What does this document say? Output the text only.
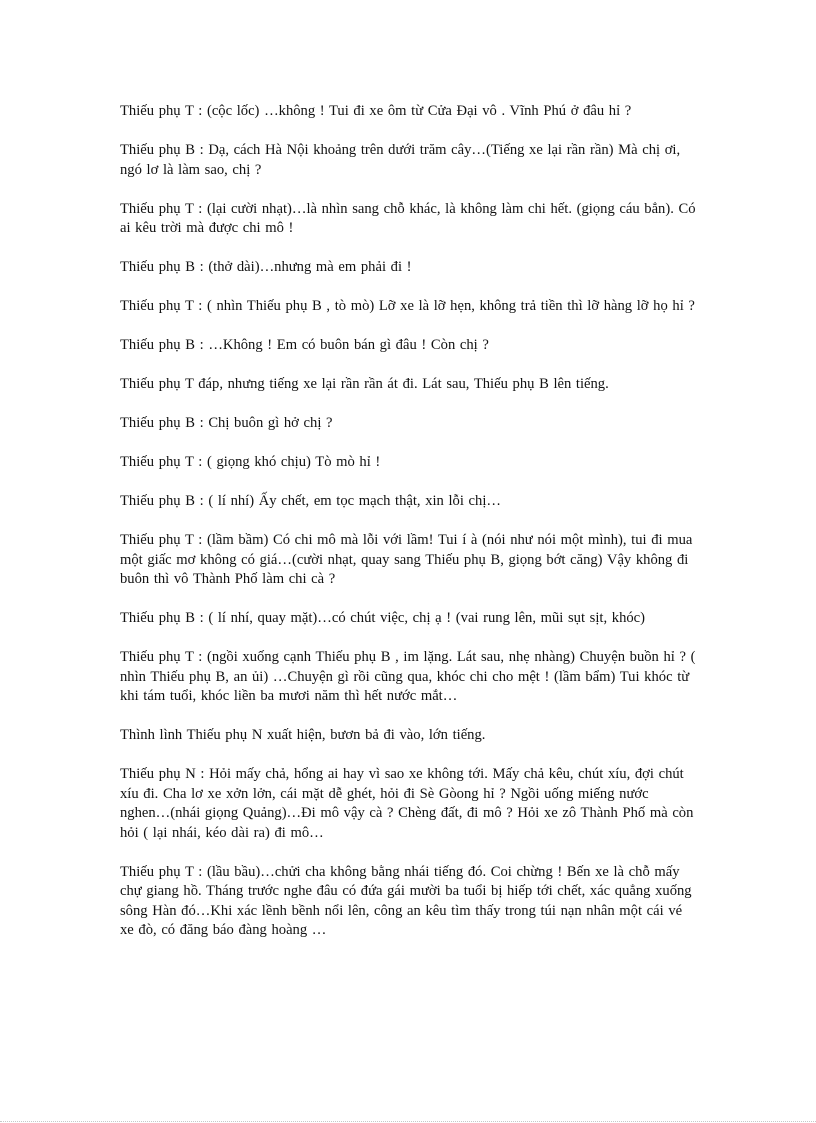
Thiếu phụ T : (cộc lốc) …không ! Tui đi xe ôm từ Cửa Đại vô . Vĩnh Phú ở đâu hỉ ?

Thiếu phụ B : Dạ, cách Hà Nội khoảng trên dưới trăm cây…(Tiếng xe lại rần rần) Mà chị ơi, ngó lơ là làm sao, chị ?

Thiếu phụ T : (lại cười nhạt)…là nhìn sang chỗ khác, là không làm chi hết. (giọng cáu bẳn). Có ai kêu trời mà được chi mô !

Thiếu phụ B : (thở dài)…nhưng mà em phải đi !

Thiếu phụ T : ( nhìn Thiếu phụ B , tò mò) Lỡ xe là lỡ hẹn, không trả tiền thì lỡ hàng lỡ họ hỉ ?

Thiếu phụ B : …Không ! Em có buôn bán gì đâu ! Còn chị ?

Thiếu phụ T đáp, nhưng tiếng xe lại rần rần át đi. Lát sau, Thiếu phụ B lên tiếng.

Thiếu phụ B : Chị buôn gì hở chị ?

Thiếu phụ T : ( giọng khó chịu) Tò mò hỉ !

Thiếu phụ B : ( lí nhí) Ấy chết, em tọc mạch thật, xin lỗi chị…

Thiếu phụ T : (lầm bầm) Có chi mô mà lỗi với lầm! Tui í à (nói như nói một mình), tui đi mua một giấc mơ không có giá…(cười nhạt, quay sang Thiếu phụ B, giọng bớt căng) Vậy không đi buôn thì vô Thành Phố làm chi cà ?

Thiếu phụ B : ( lí nhí, quay mặt)…có chút việc, chị ạ ! (vai rung lên, mũi sụt sịt, khóc)

Thiếu phụ T : (ngồi xuống cạnh Thiếu phụ B , im lặng. Lát sau, nhẹ nhàng) Chuyện buồn hỉ ? ( nhìn Thiếu phụ B, an ủi) …Chuyện gì rồi cũng qua, khóc chi cho mệt ! (lầm bẩm) Tui khóc từ khi tám tuổi, khóc liền ba mươi năm thì hết nước mắt…

Thình lình Thiếu phụ N xuất hiện, bươn bả đi vào, lớn tiếng.

Thiếu phụ N : Hỏi mấy chả, hổng ai hay vì sao xe không tới. Mấy chả kêu, chút xíu, đợi chút xíu đi. Cha lơ xe xởn lởn, cái mặt dễ ghét, hỏi đi Sè Gòong hỉ ? Ngồi uống miếng nước nghen…(nhái giọng Quảng)…Đi mô vậy cà ? Chèng đất, đi mô ? Hỏi xe zô Thành Phố mà còn hỏi ( lại nhái, kéo dài ra) đi mô…

Thiếu phụ T : (lầu bầu)…chửi cha không bằng nhái tiếng đó. Coi chừng ! Bến xe là chỗ mấy chự giang hồ. Tháng trước nghe đâu có đứa gái mười ba tuổi bị hiếp tới chết, xác quẳng xuống sông Hàn đó…Khi xác lềnh bềnh nổi lên, công an kêu tìm thấy trong túi nạn nhân một cái vé xe đò, có đăng báo đàng hoàng …
